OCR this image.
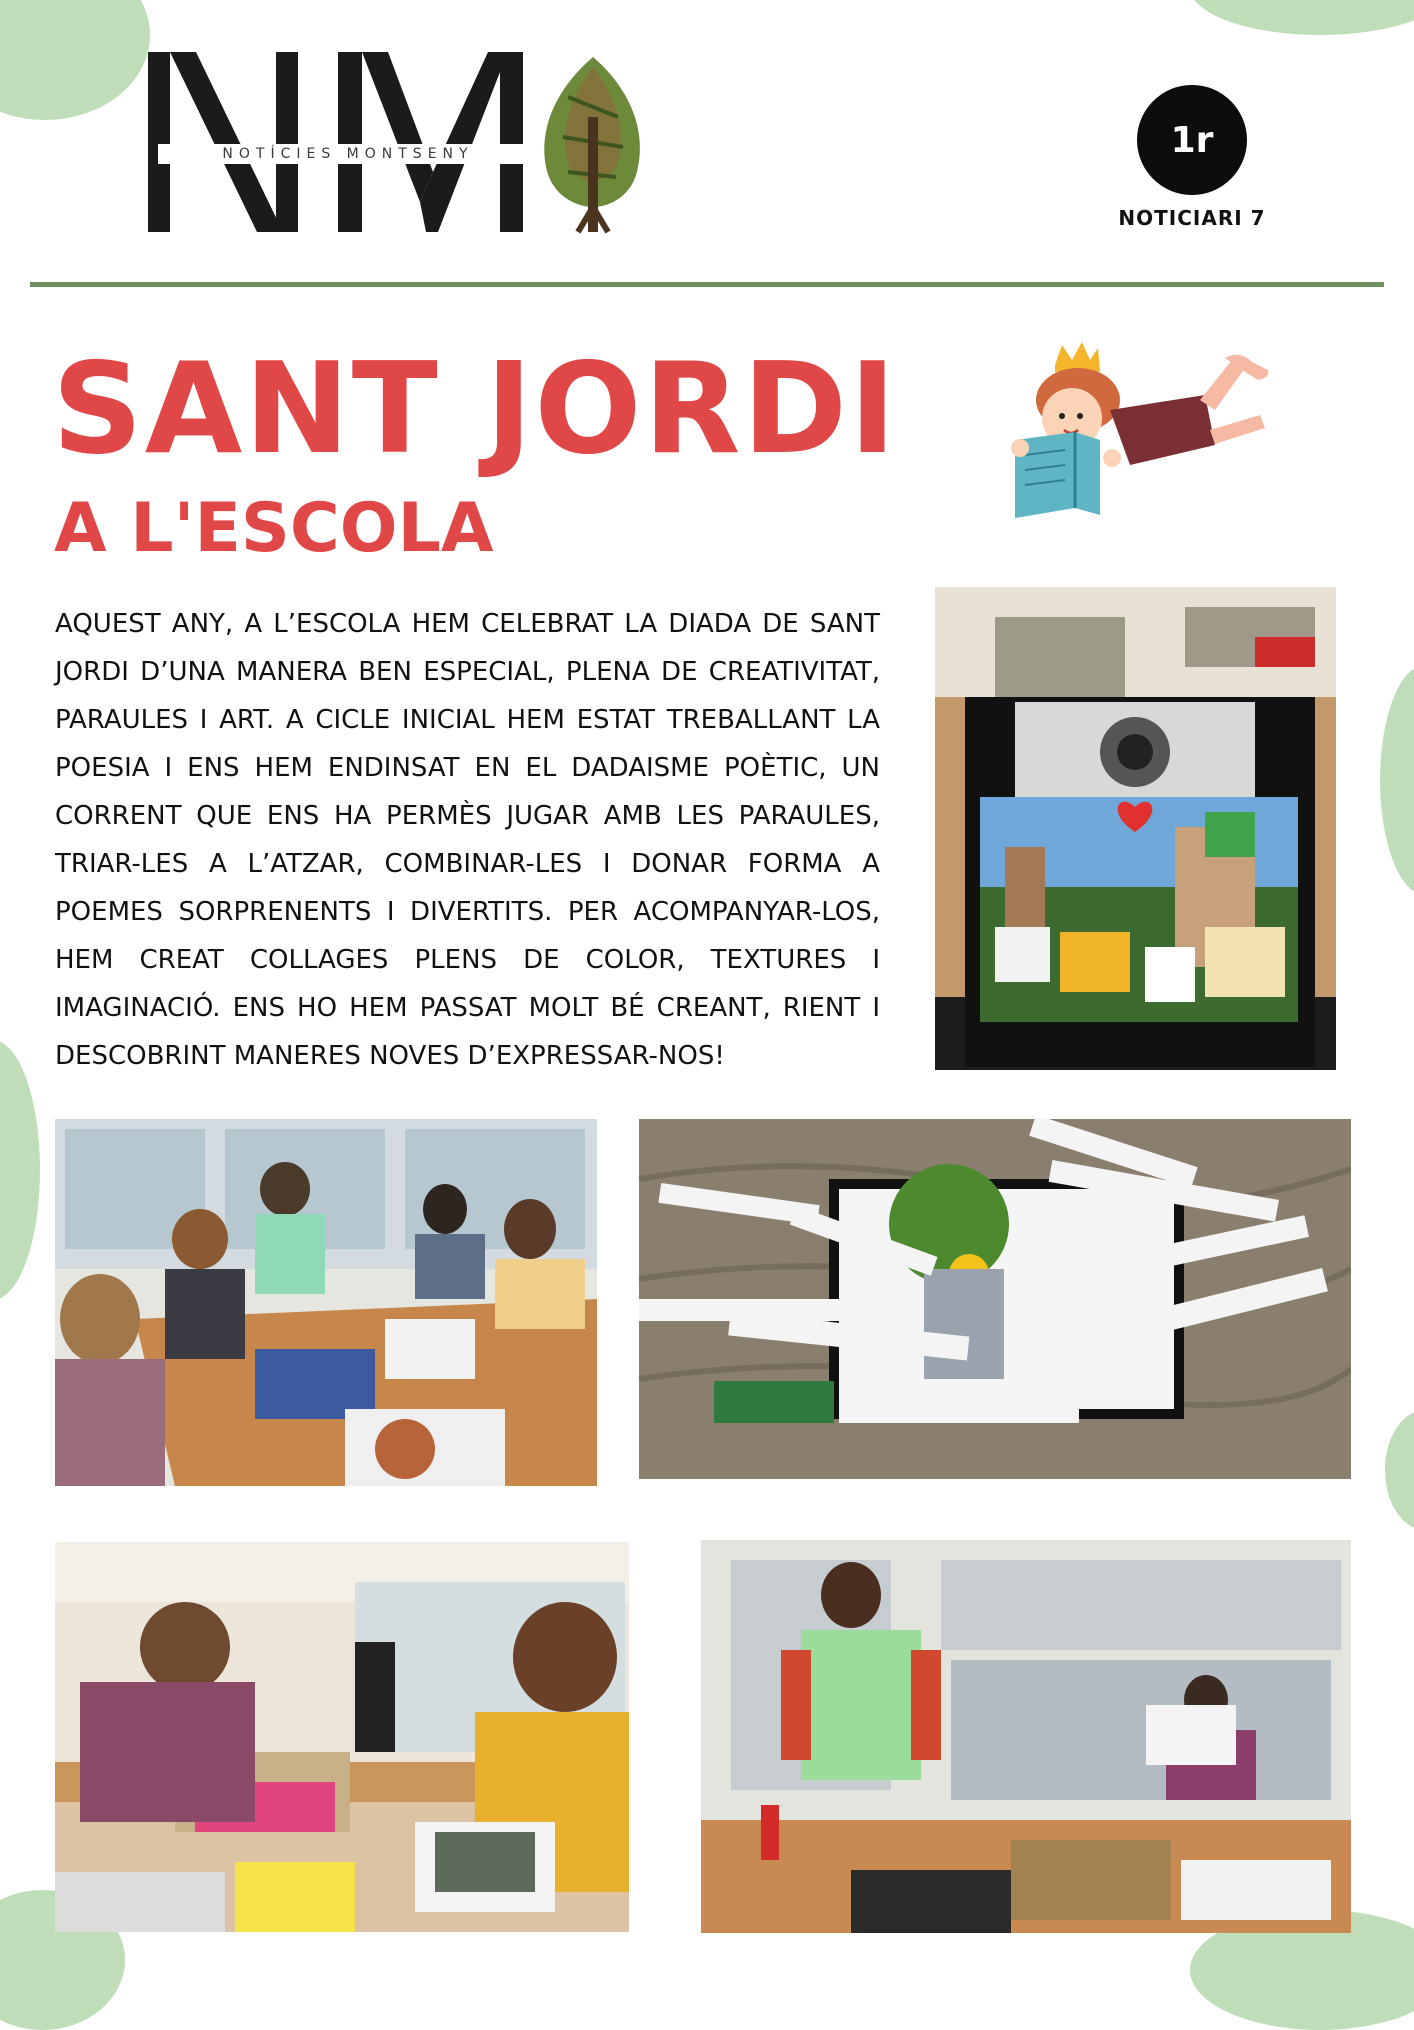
NOTÍCIES MONTSENY	1r
NOTICIARI 7
SANT JORDI
A L'ESCOLA

AQUEST ANY, A L’ESCOLA HEM CELEBRAT LA DIADA DE SANT JORDI D’UNA MANERA BEN ESPECIAL, PLENA DE CREATIVITAT, PARAULES I ART. A CICLE INICIAL HEM ESTAT TREBALLANT LA POESIA I ENS HEM ENDINSAT EN EL DADAISME POÈTIC, UN CORRENT QUE ENS HA PERMÈS JUGAR AMB LES PARAULES, TRIAR-LES A L’ATZAR, COMBINAR-LES I DONAR FORMA A POEMES SORPRENENTS I DIVERTITS. PER ACOMPANYAR-LOS, HEM CREAT COLLAGES PLENS DE COLOR, TEXTURES I IMAGINACIÓ. ENS HO HEM PASSAT MOLT BÉ CREANT, RIENT I DESCOBRINT MANERES NOVES D’EXPRESSAR-NOS!
